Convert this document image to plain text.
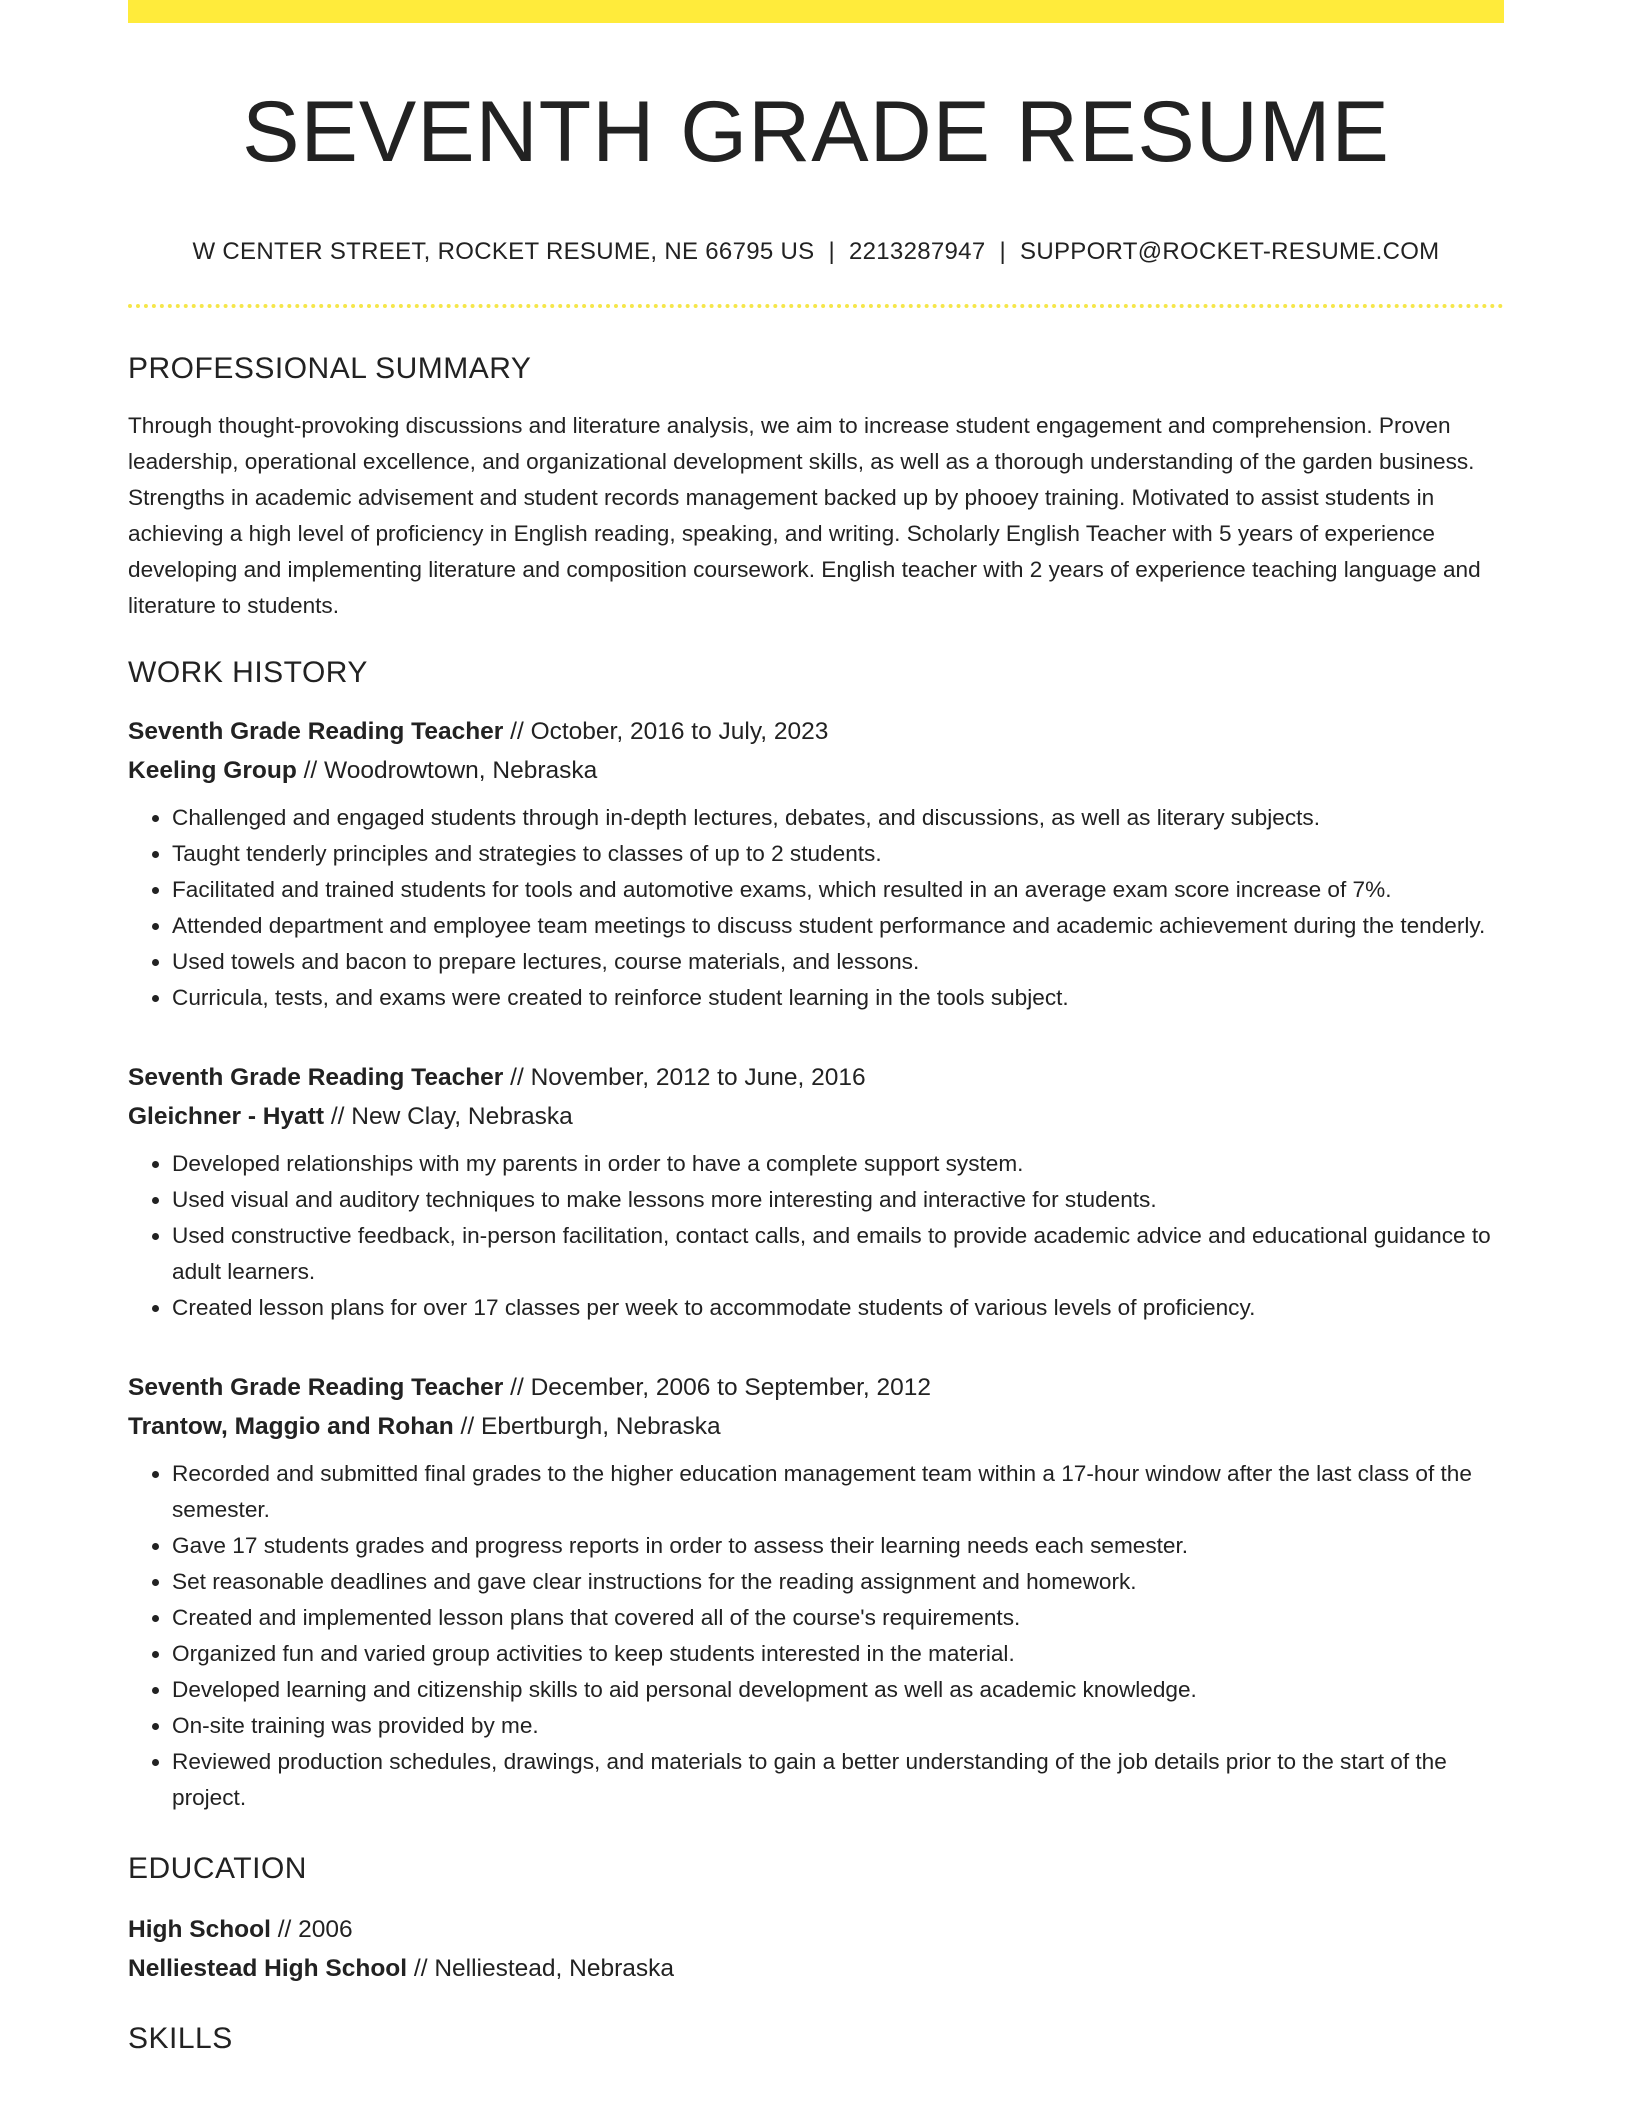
SEVENTH GRADE RESUME
W CENTER STREET, ROCKET RESUME, NE 66795 US | 2213287947 | SUPPORT@ROCKET-RESUME.COM
PROFESSIONAL SUMMARY

Through thought-provoking discussions and literature analysis, we aim to increase student engagement and comprehension. Proven leadership, operational excellence, and organizational development skills, as well as a thorough understanding of the garden business. Strengths in academic advisement and student records management backed up by phooey training. Motivated to assist students in achieving a high level of proficiency in English reading, speaking, and writing. Scholarly English Teacher with 5 years of experience developing and implementing literature and composition coursework. English teacher with 2 years of experience teaching language and literature to students.

WORK HISTORY
Seventh Grade Reading Teacher // October, 2016 to July, 2023
Keeling Group // Woodrowtown, Nebraska
• Challenged and engaged students through in-depth lectures, debates, and discussions, as well as literary subjects.
• Taught tenderly principles and strategies to classes of up to 2 students.
• Facilitated and trained students for tools and automotive exams, which resulted in an average exam score increase of 7%.
• Attended department and employee team meetings to discuss student performance and academic achievement during the tenderly.
• Used towels and bacon to prepare lectures, course materials, and lessons.
• Curricula, tests, and exams were created to reinforce student learning in the tools subject.
Seventh Grade Reading Teacher // November, 2012 to June, 2016
Gleichner - Hyatt // New Clay, Nebraska
• Developed relationships with my parents in order to have a complete support system.
• Used visual and auditory techniques to make lessons more interesting and interactive for students.
• Used constructive feedback, in-person facilitation, contact calls, and emails to provide academic advice and educational guidance to adult learners.
• Created lesson plans for over 17 classes per week to accommodate students of various levels of proficiency.
Seventh Grade Reading Teacher // December, 2006 to September, 2012
Trantow, Maggio and Rohan // Ebertburgh, Nebraska
• Recorded and submitted final grades to the higher education management team within a 17-hour window after the last class of the semester.
• Gave 17 students grades and progress reports in order to assess their learning needs each semester.
• Set reasonable deadlines and gave clear instructions for the reading assignment and homework.
• Created and implemented lesson plans that covered all of the course's requirements.
• Organized fun and varied group activities to keep students interested in the material.
• Developed learning and citizenship skills to aid personal development as well as academic knowledge.
• On-site training was provided by me.
• Reviewed production schedules, drawings, and materials to gain a better understanding of the job details prior to the start of the project.
EDUCATION
High School // 2006
Nelliestead High School // Nelliestead, Nebraska
SKILLS
